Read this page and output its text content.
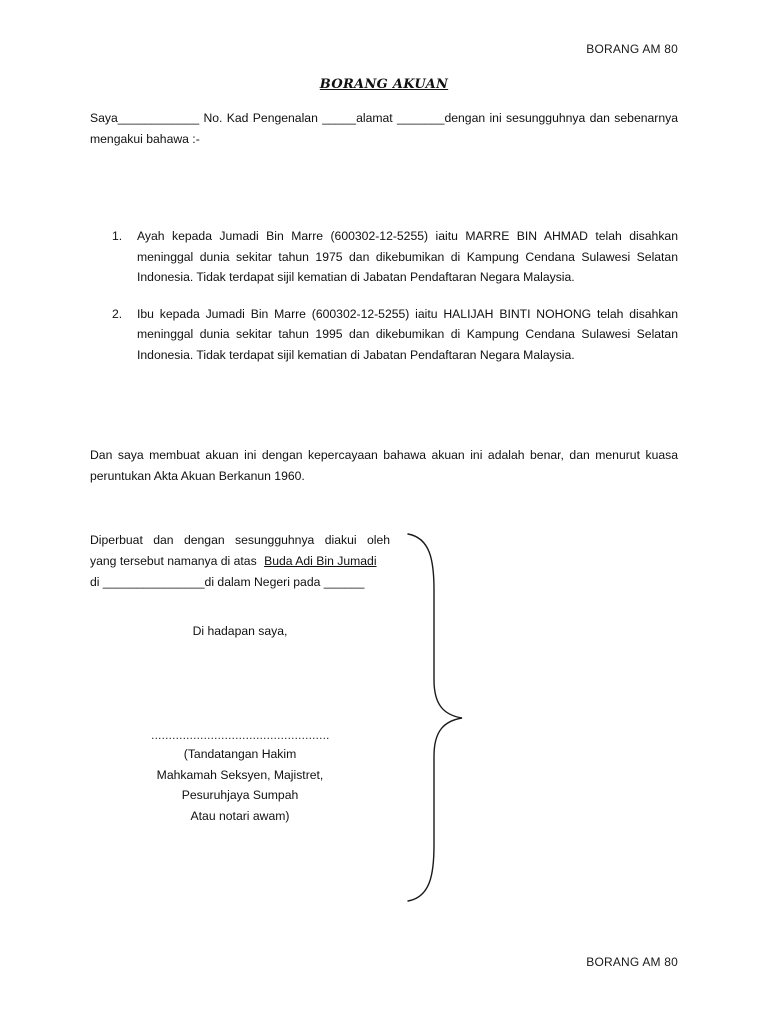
BORANG AM 80
BORANG AKUAN
Saya____________ No. Kad Pengenalan _____alamat _______dengan ini sesungguhnya dan sebenarnya mengakui bahawa :-
1. Ayah kepada Jumadi Bin Marre (600302-12-5255) iaitu MARRE BIN AHMAD telah disahkan meninggal dunia sekitar tahun 1975 dan dikebumikan di Kampung Cendana Sulawesi Selatan Indonesia. Tidak terdapat sijil kematian di Jabatan Pendaftaran Negara Malaysia.
2. Ibu kepada Jumadi Bin Marre (600302-12-5255) iaitu HALIJAH BINTI NOHONG telah disahkan meninggal dunia sekitar tahun 1995 dan dikebumikan di Kampung Cendana Sulawesi Selatan Indonesia. Tidak terdapat sijil kematian di Jabatan Pendaftaran Negara Malaysia.
Dan saya membuat akuan ini dengan kepercayaan bahawa akuan ini adalah benar, dan menurut kuasa peruntukan Akta Akuan Berkanun 1960.
Diperbuat dan dengan sesungguhnya diakui oleh
yang tersebut namanya di atas Buda Adi Bin Jumadi
di _______________di dalam Negeri pada ______
Di hadapan saya,
……………………………………………
(Tandatangan Hakim
Mahkamah Seksyen, Majistret,
Pesuruhjaya Sumpah
Atau notari awam)
BORANG AM 80
